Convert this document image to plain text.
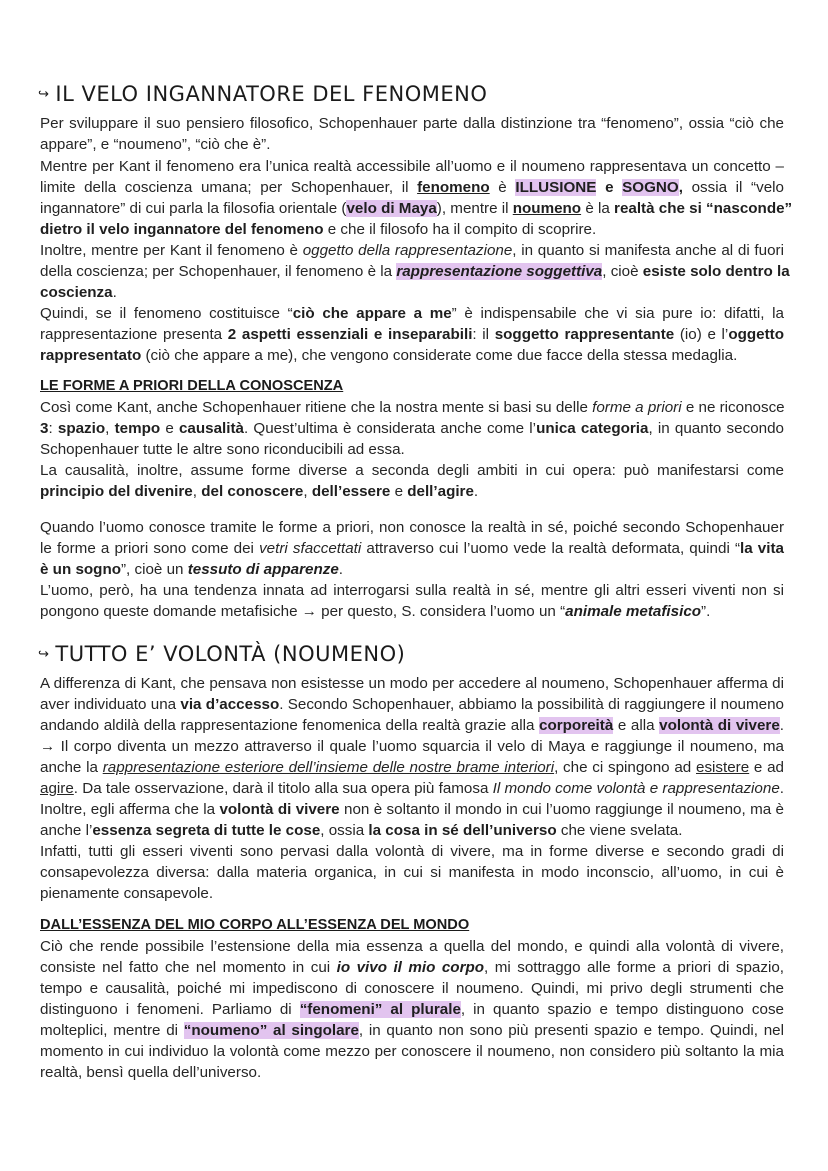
↪ IL VELO INGANNATORE DEL FENOMENO
Per sviluppare il suo pensiero filosofico, Schopenhauer parte dalla distinzione tra “fenomeno”, ossia “ciò che
appare”, e “noumeno”, “ciò che è”.
Mentre per Kant il fenomeno era l’unica realtà accessibile all’uomo e il noumeno rappresentava un concetto –
limite della coscienza umana; per Schopenhauer, il fenomeno è ILLUSIONE e SOGNO, ossia il “velo
ingannatore” di cui parla la filosofia orientale (velo di Maya), mentre il noumeno è la realtà che si “nasconde”
dietro il velo ingannatore del fenomeno e che il filosofo ha il compito di scoprire.
Inoltre, mentre per Kant il fenomeno è oggetto della rappresentazione, in quanto si manifesta anche al di fuori
della coscienza; per Schopenhauer, il fenomeno è la rappresentazione soggettiva, cioè esiste solo dentro la
coscienza.
Quindi, se il fenomeno costituisce “ciò che appare a me” è indispensabile che vi sia pure io: difatti, la
rappresentazione presenta 2 aspetti essenziali e inseparabili: il soggetto rappresentante (io) e l’oggetto
rappresentato (ciò che appare a me), che vengono considerate come due facce della stessa medaglia.
LE FORME A PRIORI DELLA CONOSCENZA
Così come Kant, anche Schopenhauer ritiene che la nostra mente si basi su delle forme a priori e ne riconosce
3: spazio, tempo e causalità. Quest’ultima è considerata anche come l’unica categoria, in quanto secondo
Schopenhauer tutte le altre sono riconducibili ad essa.
La causalità, inoltre, assume forme diverse a seconda degli ambiti in cui opera: può manifestarsi come
principio del divenire, del conoscere, dell’essere e dell’agire.
Quando l’uomo conosce tramite le forme a priori, non conosce la realtà in sé, poiché secondo Schopenhauer
le forme a priori sono come dei vetri sfaccettati attraverso cui l’uomo vede la realtà deformata, quindi “la vita
è un sogno”, cioè un tessuto di apparenze.
L’uomo, però, ha una tendenza innata ad interrogarsi sulla realtà in sé, mentre gli altri esseri viventi non si
pongono queste domande metafisiche → per questo, S. considera l’uomo un “animale metafisico”.
↪ TUTTO E’ VOLONTÀ (NOUMENO)
A differenza di Kant, che pensava non esistesse un modo per accedere al noumeno, Schopenhauer afferma di
aver individuato una via d’accesso. Secondo Schopenhauer, abbiamo la possibilità di raggiungere il noumeno
andando aldilà della rappresentazione fenomenica della realtà grazie alla corporeità e alla volontà di vivere.
→ Il corpo diventa un mezzo attraverso il quale l’uomo squarcia il velo di Maya e raggiunge il noumeno, ma
anche la rappresentazione esteriore dell’insieme delle nostre brame interiori, che ci spingono ad esistere e ad
agire. Da tale osservazione, darà il titolo alla sua opera più famosa Il mondo come volontà e rappresentazione.
Inoltre, egli afferma che la volontà di vivere non è soltanto il mondo in cui l’uomo raggiunge il noumeno, ma è
anche l’essenza segreta di tutte le cose, ossia la cosa in sé dell’universo che viene svelata.
Infatti, tutti gli esseri viventi sono pervasi dalla volontà di vivere, ma in forme diverse e secondo gradi di
consapevolezza diversa: dalla materia organica, in cui si manifesta in modo inconscio, all’uomo, in cui è
pienamente consapevole.
DALL’ESSENZA DEL MIO CORPO ALL’ESSENZA DEL MONDO
Ciò che rende possibile l’estensione della mia essenza a quella del mondo, e quindi alla volontà di vivere,
consiste nel fatto che nel momento in cui io vivo il mio corpo, mi sottraggo alle forme a priori di spazio,
tempo e causalità, poiché mi impediscono di conoscere il noumeno. Quindi, mi privo degli strumenti che
distinguono i fenomeni. Parliamo di “fenomeni” al plurale, in quanto spazio e tempo distinguono cose
molteplici, mentre di “noumeno” al singolare, in quanto non sono più presenti spazio e tempo. Quindi, nel
momento in cui individuo la volontà come mezzo per conoscere il noumeno, non considero più soltanto la mia
realtà, bensì quella dell’universo.
